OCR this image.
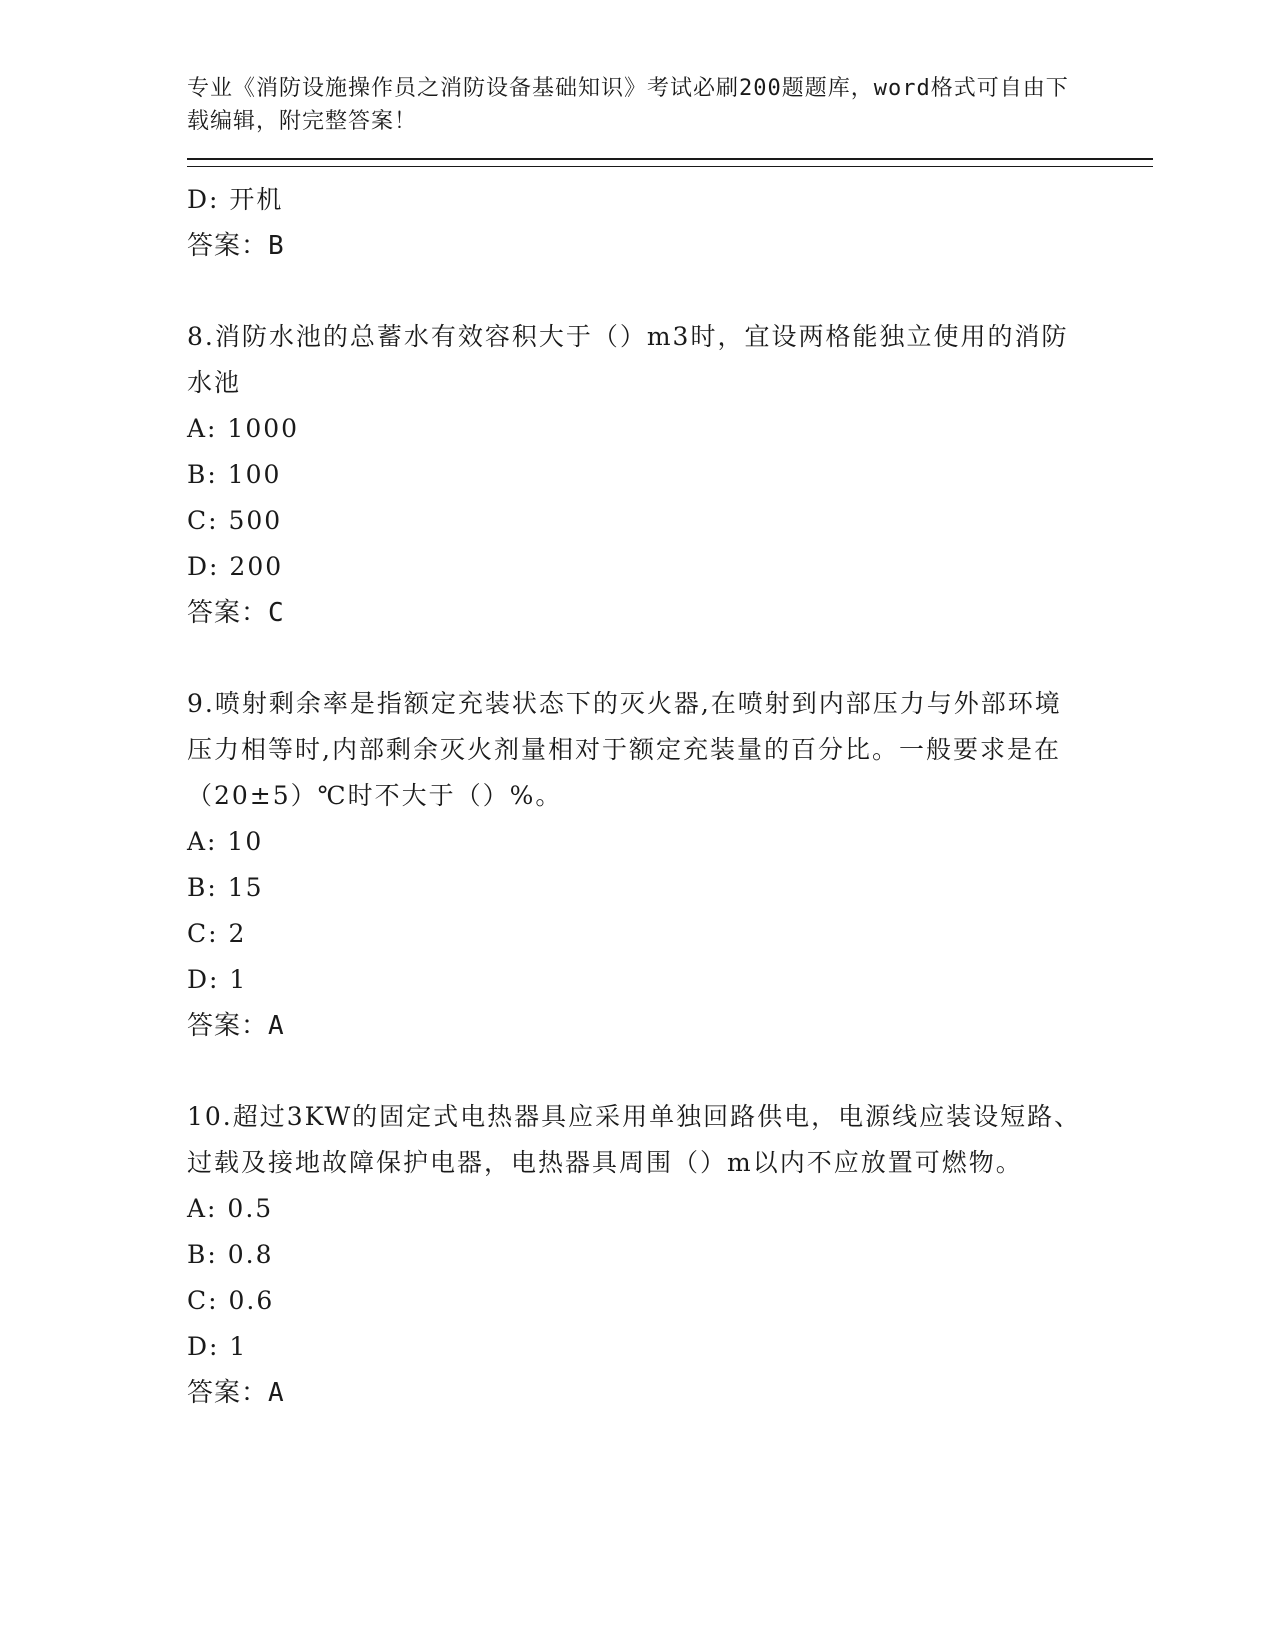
专业《消防设施操作员之消防设备基础知识》考试必刷200题题库，word格式可自由下载编辑，附完整答案！

D: 开机
答案：B

8.消防水池的总蓄水有效容积大于（）m3时，宜设两格能独立使用的消防水池

A: 1000
B: 100
C: 500
D: 200
答案：C

9.喷射剩余率是指额定充装状态下的灭火器,在喷射到内部压力与外部环境压力相等时,内部剩余灭火剂量相对于额定充装量的百分比。一般要求是在（20±5）℃时不大于（）%。

A: 10
B: 15
C: 2
D: 1
答案：A

10.超过3KW的固定式电热器具应采用单独回路供电，电源线应装设短路、过载及接地故障保护电器，电热器具周围（）m以内不应放置可燃物。

A: 0.5
B: 0.8
C: 0.6
D: 1
答案：A
